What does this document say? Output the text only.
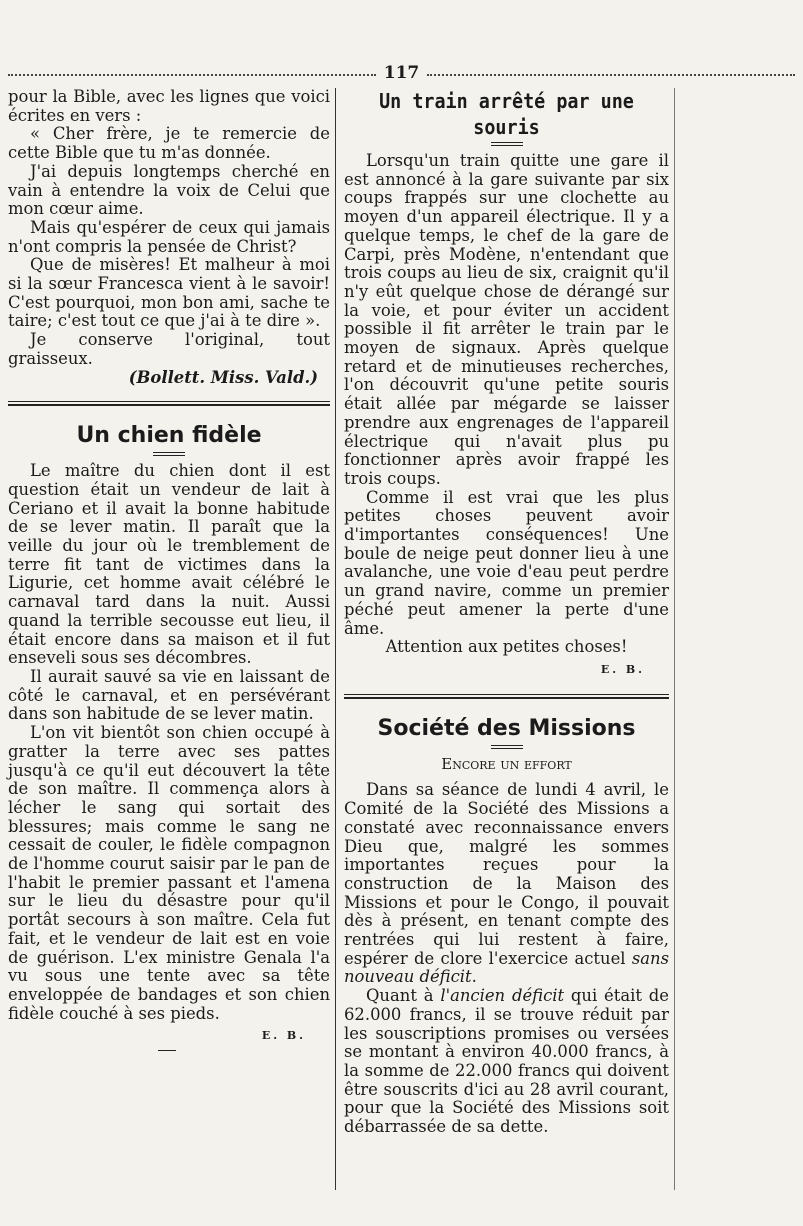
117

pour la Bible, avec les lignes que voici écrites en vers :

« Cher frère, je te remercie de cette Bible que tu m'as donnée.

J'ai depuis longtemps cherché en vain à entendre la voix de Celui que mon cœur aime.

Mais qu'espérer de ceux qui jamais n'ont compris la pensée de Christ?

Que de misères! Et malheur à moi si la sœur Francesca vient à le savoir! C'est pourquoi, mon bon ami, sache te taire; c'est tout ce que j'ai à te dire ».

Je conserve l'original, tout graisseux.

(Bollett. Miss. Vald.)

Un chien fidèle

Le maître du chien dont il est question était un vendeur de lait à Ceriano et il avait la bonne habitude de se lever matin. Il paraît que la veille du jour où le tremblement de terre fit tant de victimes dans la Ligurie, cet homme avait célébré le carnaval tard dans la nuit. Aussi quand la terrible secousse eut lieu, il était encore dans sa maison et il fut enseveli sous ses décombres.

Il aurait sauvé sa vie en laissant de côté le carnaval, et en persévérant dans son habitude de se lever matin.

L'on vit bientôt son chien occupé à gratter la terre avec ses pattes jusqu'à ce qu'il eut découvert la tête de son maître. Il commença alors à lécher le sang qui sortait des blessures; mais comme le sang ne cessait de couler, le fidèle compagnon de l'homme courut saisir par le pan de l'habit le premier passant et l'amena sur le lieu du désastre pour qu'il portât secours à son maître. Cela fut fait, et le vendeur de lait est en voie de guérison. L'ex ministre Genala l'a vu sous une tente avec sa tête enveloppée de bandages et son chien fidèle couché à ses pieds.

E. B.

Un train arrêté par une souris

Lorsqu'un train quitte une gare il est annoncé à la gare suivante par six coups frappés sur une clochette au moyen d'un appareil électrique. Il y a quelque temps, le chef de la gare de Carpi, près Modène, n'entendant que trois coups au lieu de six, craignit qu'il n'y eût quelque chose de dérangé sur la voie, et pour éviter un accident possible il fit arrêter le train par le moyen de signaux. Après quelque retard et de minutieuses recherches, l'on découvrit qu'une petite souris était allée par mégarde se laisser prendre aux engrenages de l'appareil électrique qui n'avait plus pu fonctionner après avoir frappé les trois coups.

Comme il est vrai que les plus petites choses peuvent avoir d'importantes conséquences! Une boule de neige peut donner lieu à une avalanche, une voie d'eau peut perdre un grand navire, comme un premier péché peut amener la perte d'une âme.

Attention aux petites choses!

E. B.

Société des Missions
Encore un effort

Dans sa séance de lundi 4 avril, le Comité de la Société des Missions a constaté avec reconnaissance envers Dieu que, malgré les sommes importantes reçues pour la construction de la Maison des Missions et pour le Congo, il pouvait dès à présent, en tenant compte des rentrées qui lui restent à faire, espérer de clore l'exercice actuel sans nouveau déficit.

Quant à l'ancien déficit qui était de 62.000 francs, il se trouve réduit par les souscriptions promises ou versées se montant à environ 40.000 francs, à la somme de 22.000 francs qui doivent être souscrits d'ici au 28 avril courant, pour que la Société des Missions soit débarrassée de sa dette.
